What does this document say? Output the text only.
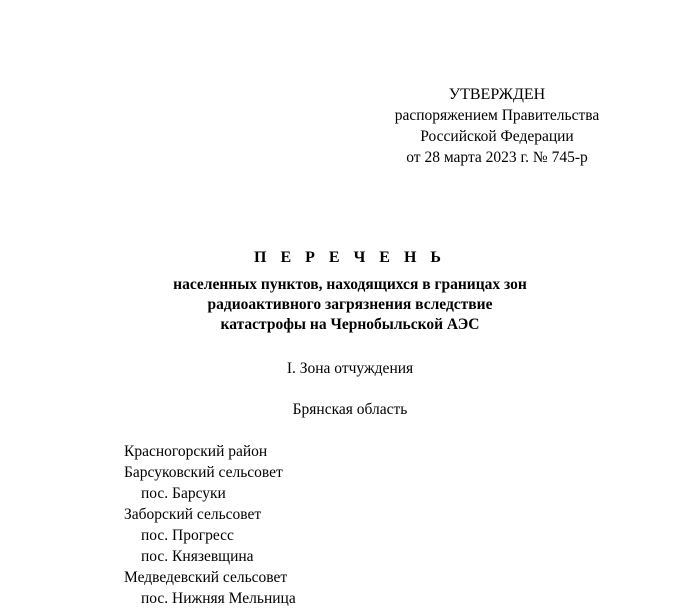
УТВЕРЖДЕН
распоряжением Правительства
Российской Федерации
от 28 марта 2023 г. № 745-р
П Е Р Е Ч Е Н Ь
населенных пунктов, находящихся в границах зон
радиоактивного загрязнения вследствие
катастрофы на Чернобыльской АЭС
I. Зона отчуждения
Брянская область
Красногорский район
Барсуковский сельсовет
пос. Барсуки
Заборский сельсовет
пос. Прогресс
пос. Князевщина
Медведевский сельсовет
пос. Нижняя Мельница
